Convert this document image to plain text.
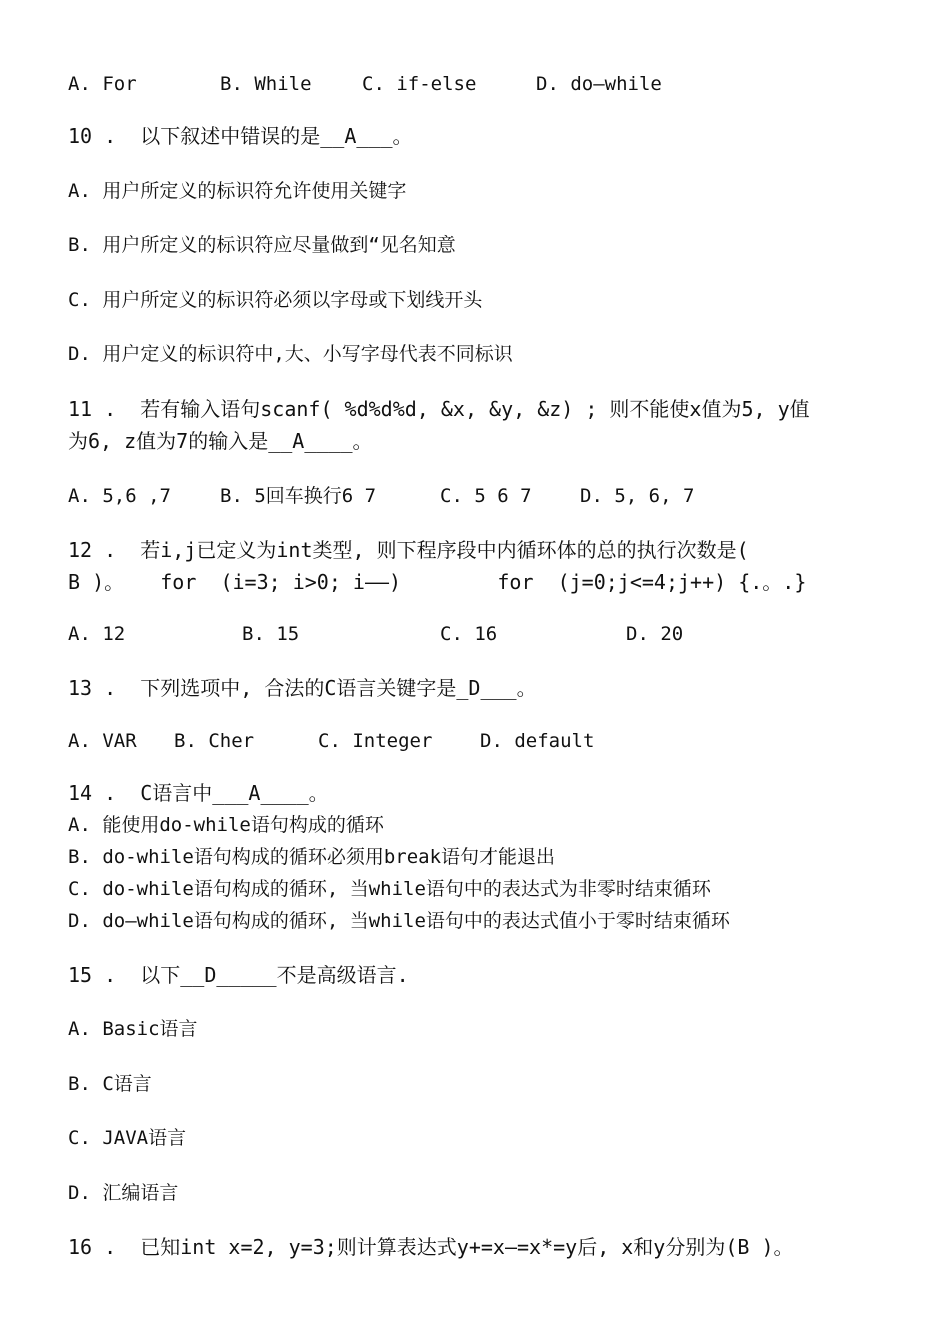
A. For	B. While	C. if-else	D. do—while
10 .  以下叙述中错误的是__A___。
A. 用户所定义的标识符允许使用关键字
B. 用户所定义的标识符应尽量做到“见名知意
C. 用户所定义的标识符必须以字母或下划线开头
D. 用户定义的标识符中,大、小写字母代表不同标识
11 .  若有输入语句scanf( %d%d%d, &x, &y, &z) ; 则不能使x值为5, y值
为6, z值为7的输入是__A____。
A. 5,6 ,7	B. 5回车换行6 7	C. 5 6 7	D. 5, 6, 7
12 .  若i,j已定义为int类型, 则下程序段中内循环体的总的执行次数是(
B )。   for  (i=3; i>0; i——)        for  (j=0;j<=4;j++) {.。.}
A. 12	B. 15	C. 16	D. 20
13 .  下列选项中, 合法的C语言关键字是_D___。
A. VAR B. Cher	C. Integer	D. default
14 .  C语言中___A____。
A. 能使用do-while语句构成的循环
B. do-while语句构成的循环必须用break语句才能退出
C. do-while语句构成的循环, 当while语句中的表达式为非零时结束循环
D. do—while语句构成的循环, 当while语句中的表达式值小于零时结束循环
15 .  以下__D_____不是高级语言.
A. Basic语言
B. C语言
C. JAVA语言
D. 汇编语言
16 .  已知int x=2, y=3;则计算表达式y+=x—=x*=y后, x和y分别为(B )。
